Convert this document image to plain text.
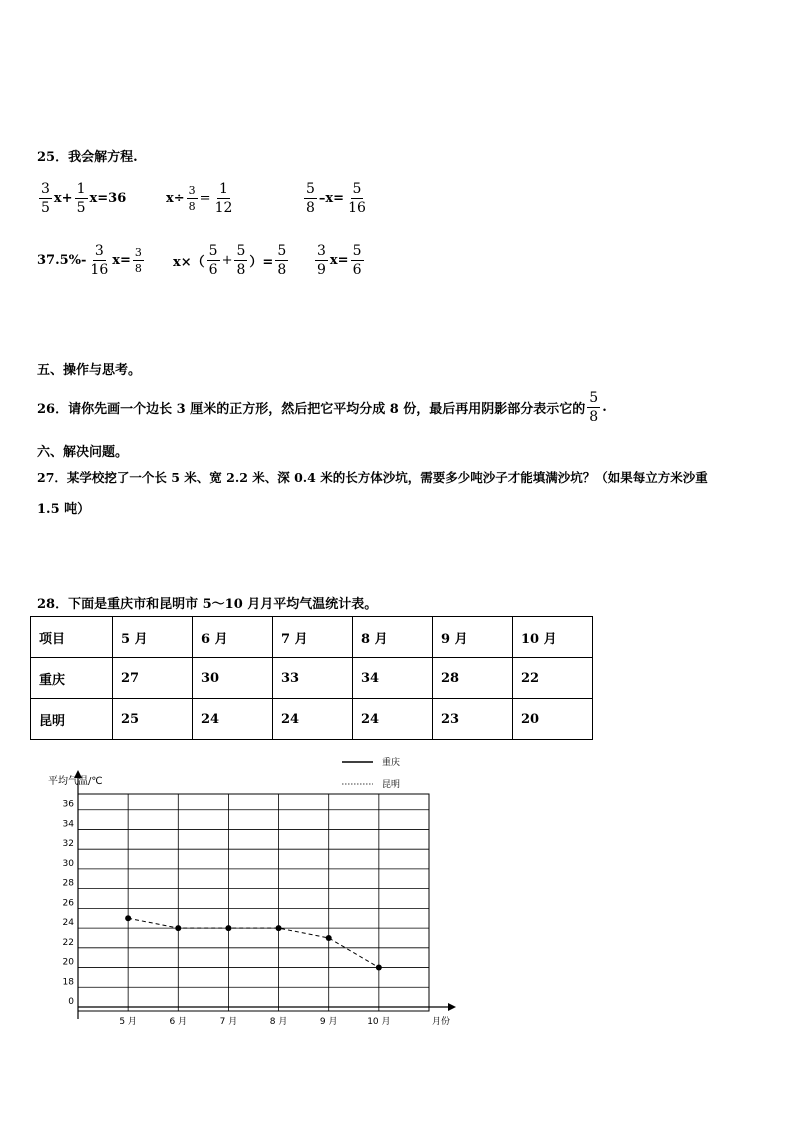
25．我会解方程.
$\frac{3}{5} x+ \frac{1}{5} x=36$	$x\div \frac{3}{8} = \frac{1}{12}$	$\frac{5}{8} -x= \frac{5}{16}$
$37.5\%- \frac{3}{16} x= \frac{3}{8} x\times( \frac{5}{6} + \frac{5}{8}$ ）= $\frac{5}{8} \frac{3}{9} x= \frac{5}{6}$
五、操作与思考。
26．请你先画一个边长 3 厘米的正方形，然后把它平均分成 8 份，最后再用阴影部分表示它的 $\frac{5}{8}$ .
六、解决问题。
27．某学校挖了一个长 5 米、宽 2.2 米、深 0.4 米的长方体沙坑，需要多少吨沙子才能填满沙坑？（如果每立方米沙重
1.5 吨）
28．下面是重庆市和昆明市 5～10 月月平均气温统计表。
项目	5 月	6 月	7 月	8 月	9 月	10 月
重庆	27	30	33	34	28	22
昆明	25	24	24	24	23	20
0
18
20
22
24
26
28
30
32
34
36
平均气温/℃
月份
5 月	6 月	7 月	8 月	9 月	10 月
重庆
昆明
